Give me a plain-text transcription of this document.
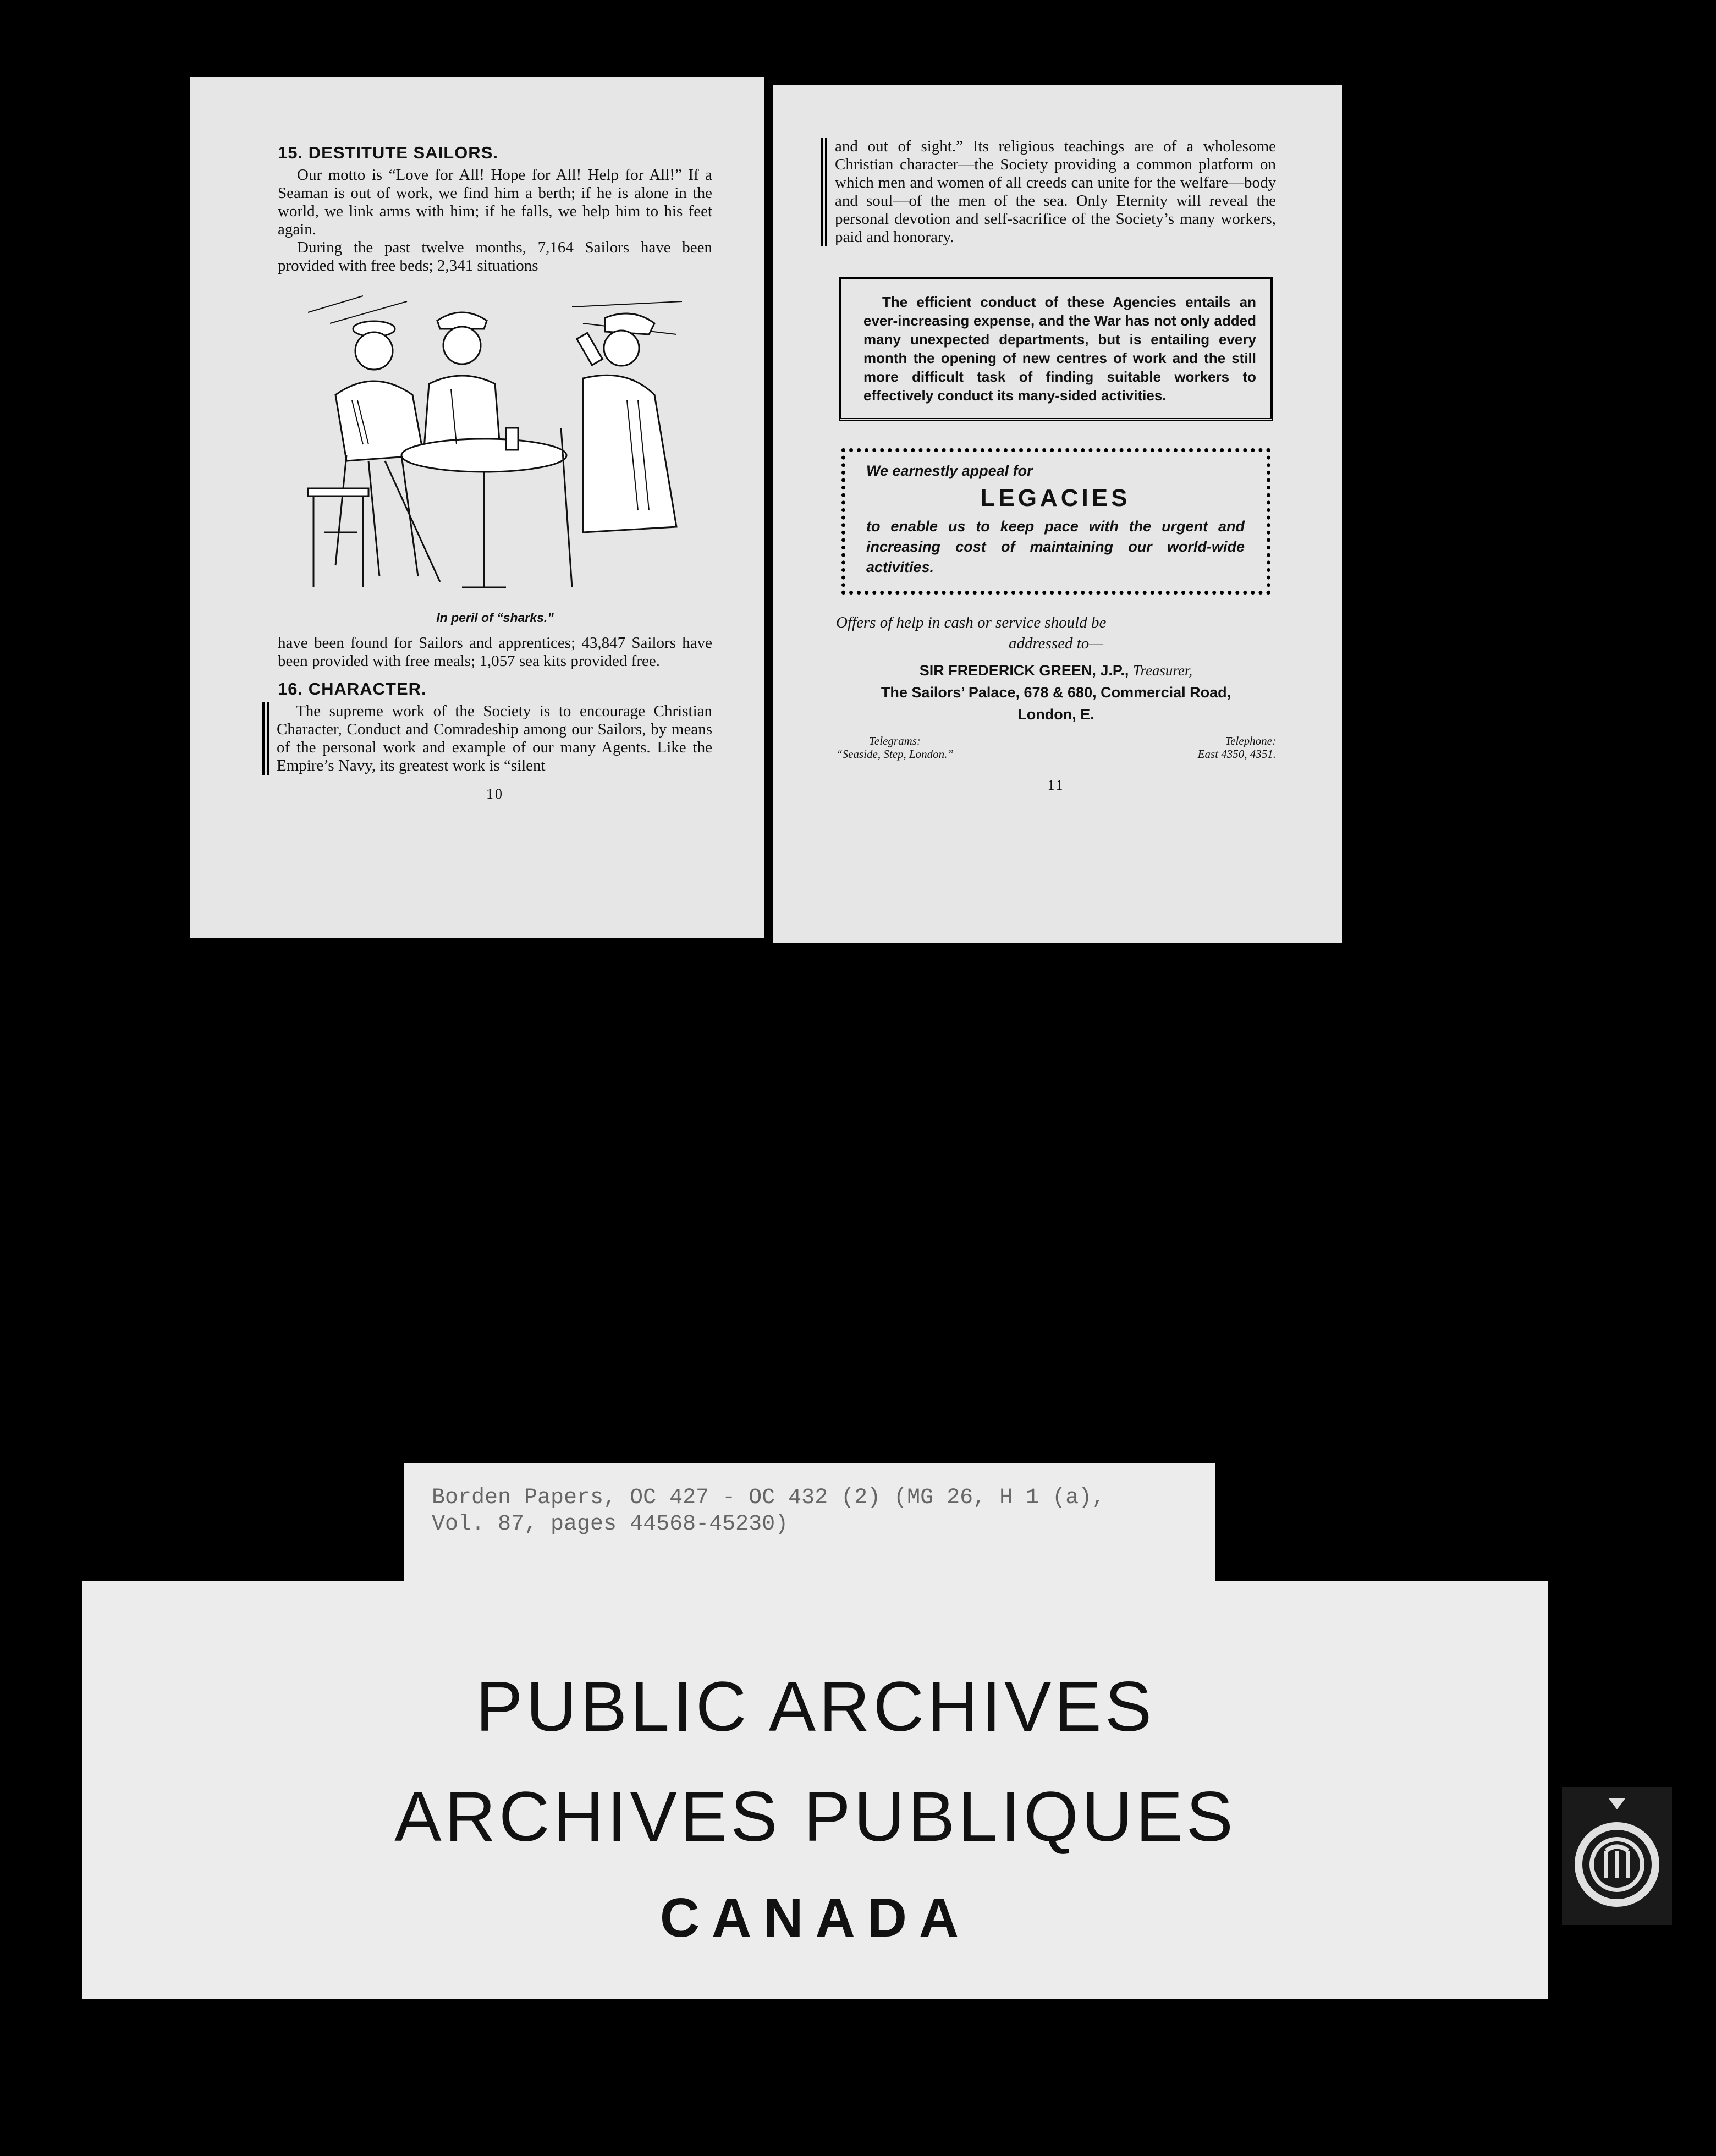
15. DESTITUTE SAILORS.

Our motto is “Love for All! Hope for All! Help for All!” If a Seaman is out of work, we find him a berth; if he is alone in the world, we link arms with him; if he falls, we help him to his feet again.

During the past twelve months, 7,164 Sailors have been provided with free beds; 2,341 situations

In peril of “sharks.”

have been found for Sailors and apprentices; 43,847 Sailors have been provided with free meals; 1,057 sea kits provided free.

16. CHARACTER.

The supreme work of the Society is to encourage Christian Character, Conduct and Comradeship among our Sailors, by means of the personal work and example of our many Agents. Like the Empire’s Navy, its greatest work is “silent

10

and out of sight.” Its religious teachings are of a wholesome Christian character—the Society providing a common platform on which men and women of all creeds can unite for the welfare—body and soul—of the men of the sea. Only Eternity will reveal the personal devotion and self-sacrifice of the Society’s many workers, paid and honorary.

The efficient conduct of these Agencies entails an ever-increasing expense, and the War has not only added many unexpected departments, but is entailing every month the opening of new centres of work and the still more difficult task of finding suitable workers to effectively conduct its many-sided activities.

We earnestly appeal for

LEGACIES

to enable us to keep pace with the urgent and increasing cost of maintaining our world-wide activities.

Offers of help in cash or service should be
addressed to—

SIR FREDERICK GREEN, J.P., Treasurer,
The Sailors’ Palace, 678 & 680, Commercial Road,
London, E.
Telegrams:
“Seaside, Step, London.”
Telephone:
East 4350, 4351.
11
Borden Papers, OC 427 - OC 432 (2) (MG 26, H 1 (a),
Vol. 87, pages 44568-45230)
PUBLIC ARCHIVES
ARCHIVES PUBLIQUES
CANADA
